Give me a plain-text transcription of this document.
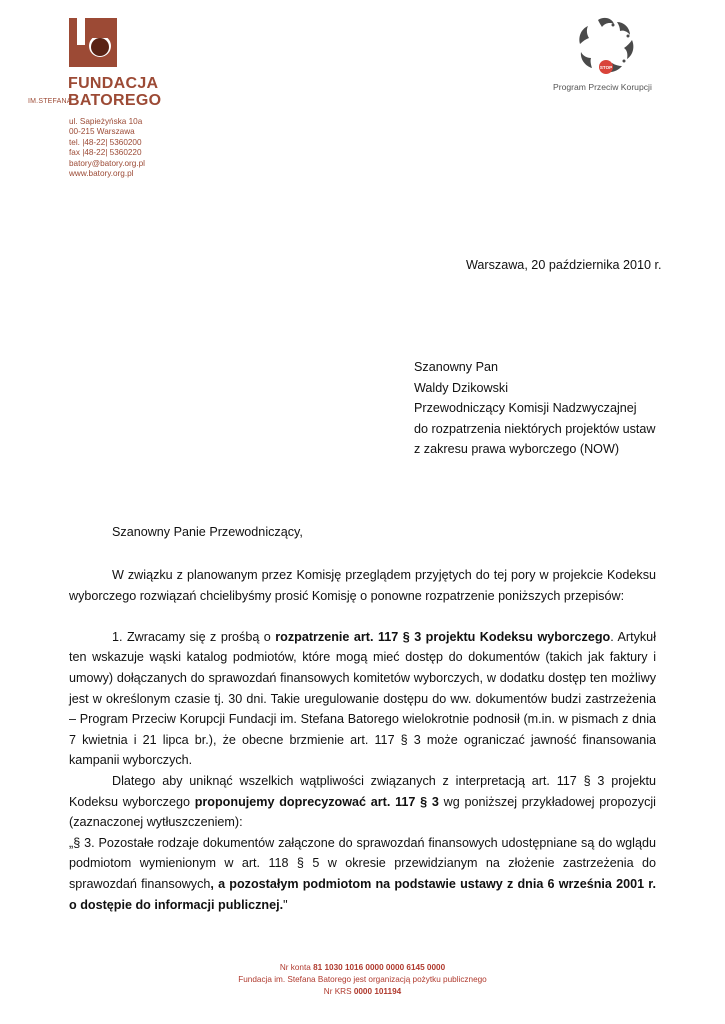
IM.STEFANA
FUNDACJA
BATOREGO
ul. Sapieżyńska 10a
00-215 Warszawa
tel. |48-22| 5360200
fax |48-22| 5360220
batory@batory.org.pl
www.batory.org.pl
STOP
Program Przeciw Korupcji
Warszawa, 20 października 2010 r.
Szanowny Pan
Waldy Dzikowski
Przewodniczący Komisji Nadzwyczajnej
do rozpatrzenia niektórych projektów ustaw
z zakresu prawa wyborczego (NOW)
Szanowny Panie Przewodniczący,

W związku z planowanym przez Komisję przeglądem przyjętych do tej pory w projekcie Kodeksu wyborczego rozwiązań chcielibyśmy prosić Komisję o ponowne rozpatrzenie poniższych przepisów:

1. Zwracamy się z prośbą o rozpatrzenie art. 117 § 3 projektu Kodeksu wyborczego. Artykuł ten wskazuje wąski katalog podmiotów, które mogą mieć dostęp do dokumentów (takich jak faktury i umowy) dołączanych do sprawozdań finansowych komitetów wyborczych, w dodatku dostęp ten możliwy jest w określonym czasie tj. 30 dni. Takie uregulowanie dostępu do ww. dokumentów budzi zastrzeżenia – Program Przeciw Korupcji Fundacji im. Stefana Batorego wielokrotnie podnosił (m.in. w pismach z dnia 7 kwietnia i 21 lipca br.), że obecne brzmienie art. 117 § 3 może ograniczać jawność finansowania kampanii wyborczych.

Dlatego aby uniknąć wszelkich wątpliwości związanych z interpretacją art. 117 § 3 projektu Kodeksu wyborczego proponujemy doprecyzować art. 117 § 3 wg poniższej przykładowej propozycji (zaznaczonej wytłuszczeniem):

„§ 3. Pozostałe rodzaje dokumentów załączone do sprawozdań finansowych udostępniane są do wglądu podmiotom wymienionym w art. 118 § 5 w okresie przewidzianym na złożenie zastrzeżenia do sprawozdań finansowych, a pozostałym podmiotom na podstawie ustawy z dnia 6 września 2001 r. o dostępie do informacji publicznej."

Nr konta 81 1030 1016 0000 0000 6145 0000
Fundacja im. Stefana Batorego jest organizacją pożytku publicznego
Nr KRS 0000 101194
